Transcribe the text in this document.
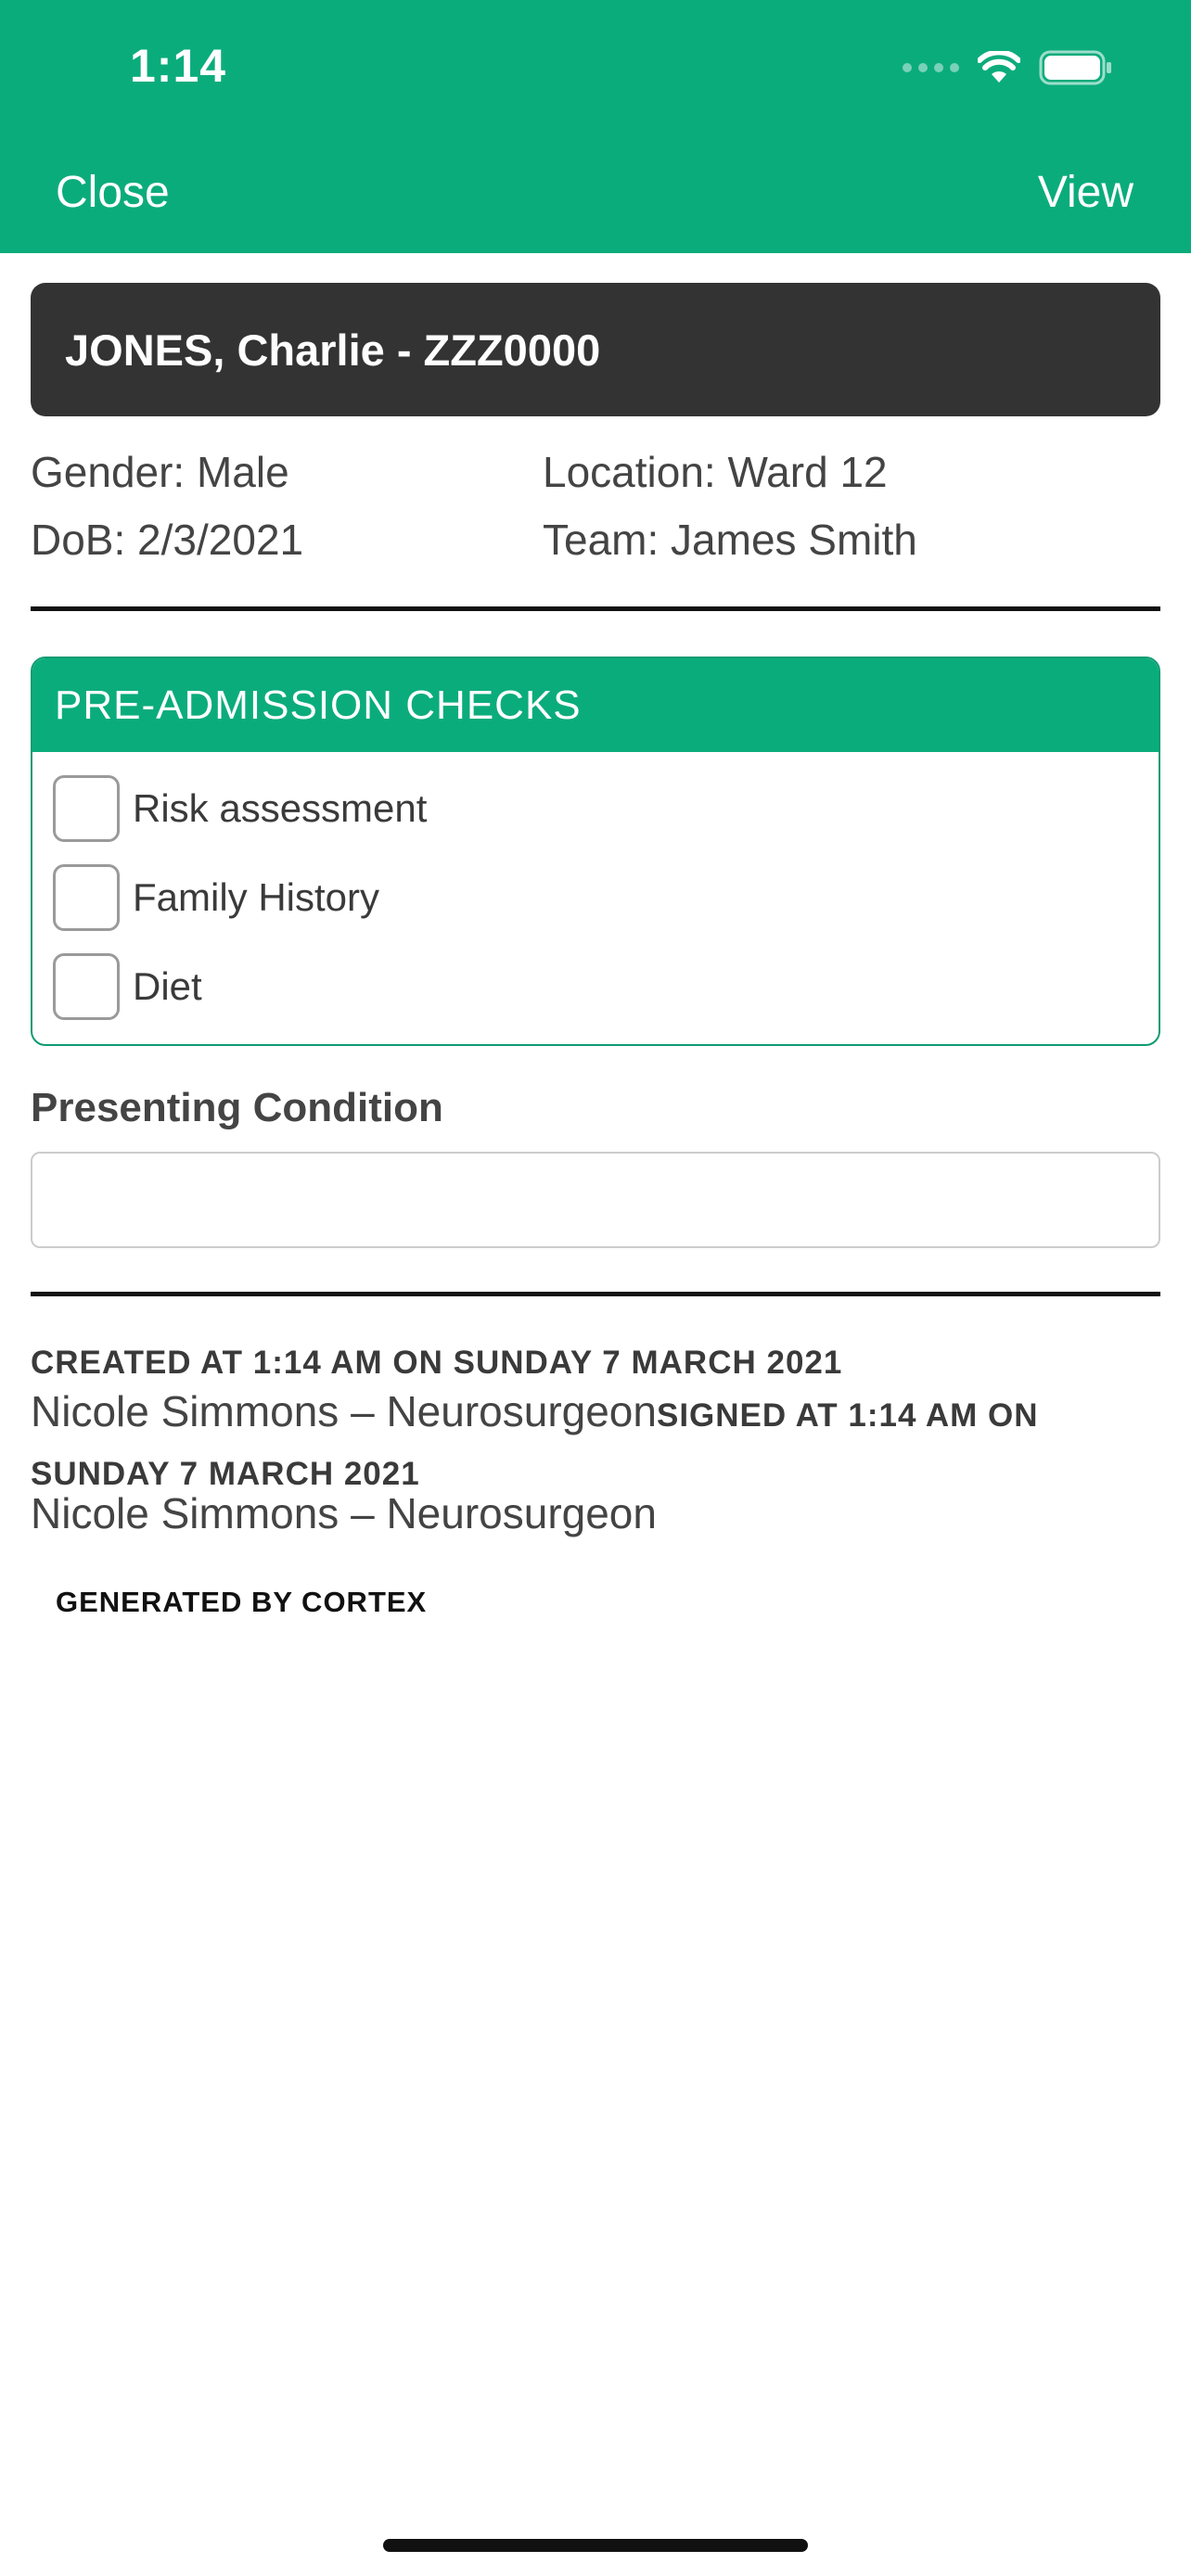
1:14
Close	View
JONES, Charlie - ZZZ0000
Gender: Male
DoB: 2/3/2021
Location: Ward 12
Team: James Smith
PRE-ADMISSION CHECKS
Risk assessment
Family History
Diet
Presenting Condition
CREATED AT 1:14 AM ON SUNDAY 7 MARCH 2021
Nicole Simmons – NeurosurgeonSIGNED AT 1:14 AM ON SUNDAY 7 MARCH 2021
Nicole Simmons – Neurosurgeon
GENERATED BY CORTEX
